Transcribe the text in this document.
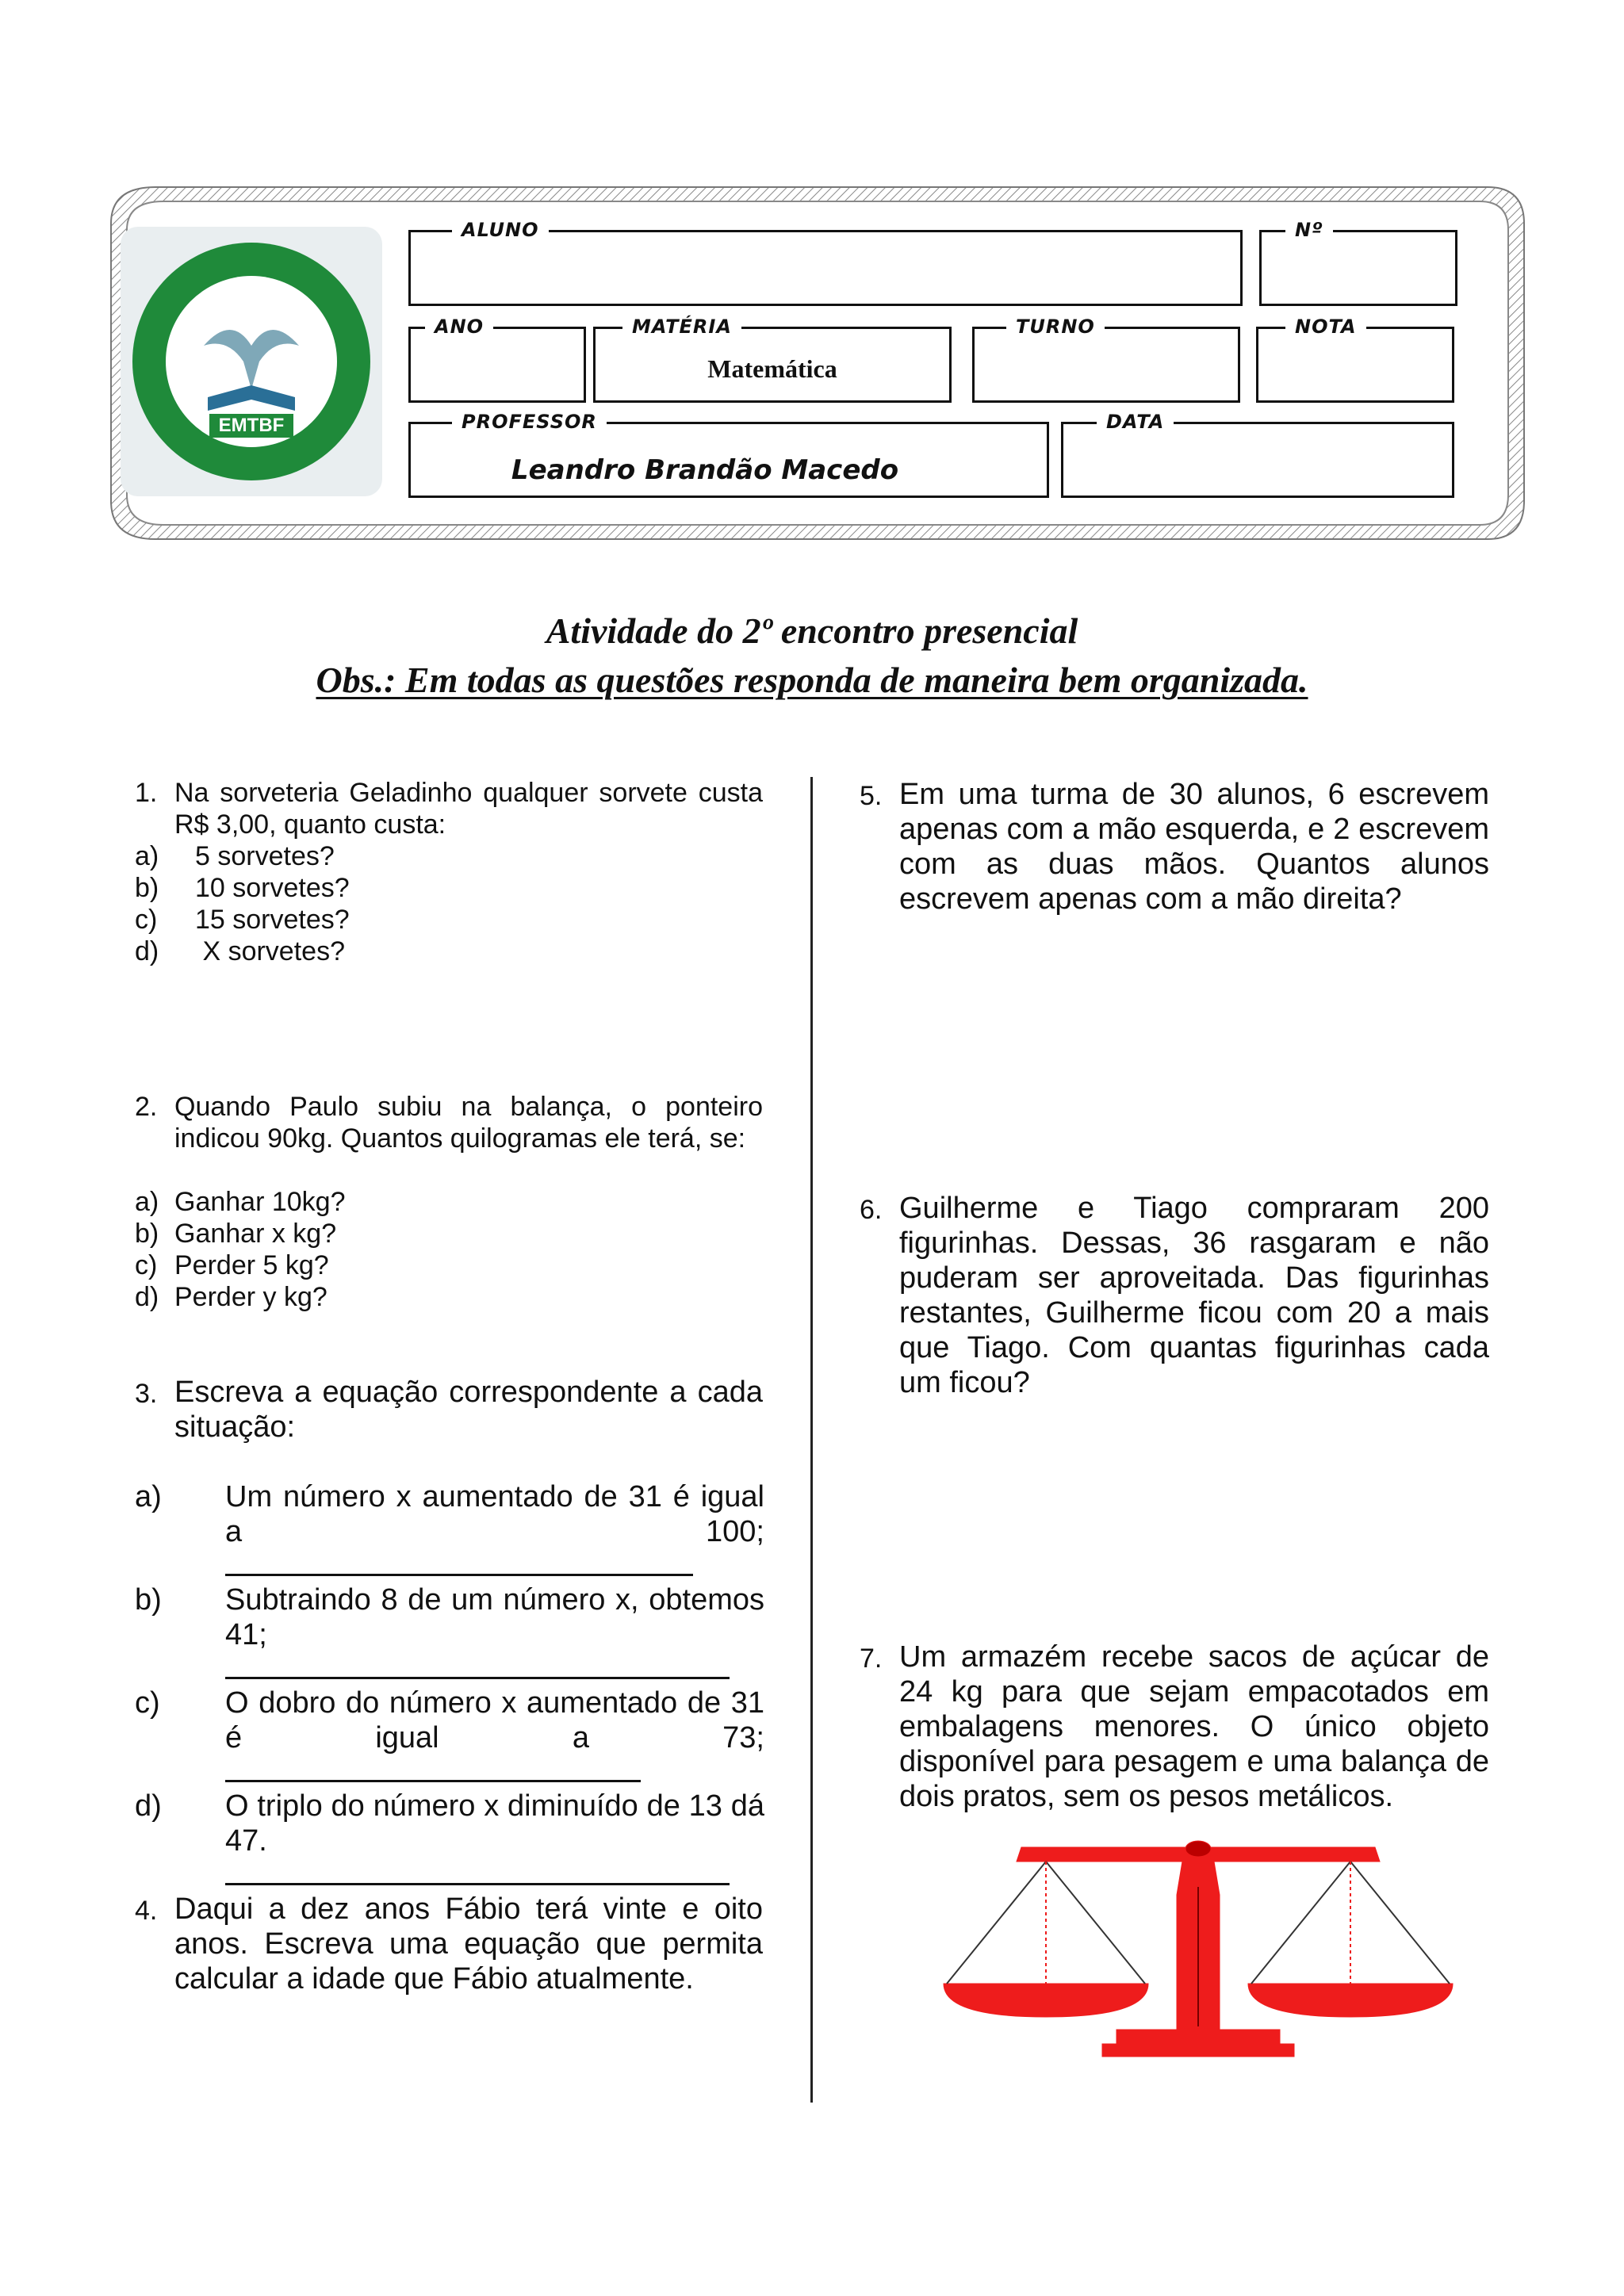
EMTBF
ALUNO	Nº
ANO	MATÉRIA
Matemática
TURNO	NOTA
PROFESSOR
Leandro Brandão Macedo
DATA
Atividade do 2º encontro presencial
Obs.: Em todas as questões responda de maneira bem organizada.
1. Na sorveteria Geladinho qualquer sorvete custa R$ 3,00, quanto custa:
a) 5 sorvetes?
b) 10 sorvetes?
c) 15 sorvetes?
d) X sorvetes?
2. Quando Paulo subiu na balança, o ponteiro indicou 90kg. Quantos quilogramas ele terá, se:
a) Ganhar 10kg?
b) Ganhar x kg?
c) Perder 5 kg?
d) Perder y kg?
3. Escreva a equação correspondente a cada situação:
a) Um número x aumentado de 31 é igual a 100;
b) Subtraindo 8 de um número x, obtemos 41;
c) O dobro do número x aumentado de 31 é igual a 73;
d) O triplo do número x diminuído de 13 dá 47.
4. Daqui a dez anos Fábio terá vinte e oito anos. Escreva uma equação que permita calcular a idade que Fábio atualmente.
5. Em uma turma de 30 alunos, 6 escrevem apenas com a mão esquerda, e 2 escrevem com as duas mãos. Quantos alunos escrevem apenas com a mão direita?
6. Guilherme e Tiago compraram 200 figurinhas. Dessas, 36 rasgaram e não puderam ser aproveitada. Das figurinhas restantes, Guilherme ficou com 20 a mais que Tiago. Com quantas figurinhas cada um ficou?
7. Um armazém recebe sacos de açúcar de 24 kg para que sejam empacotados em embalagens menores. O único objeto disponível para pesagem e uma balança de dois pratos, sem os pesos metálicos.
